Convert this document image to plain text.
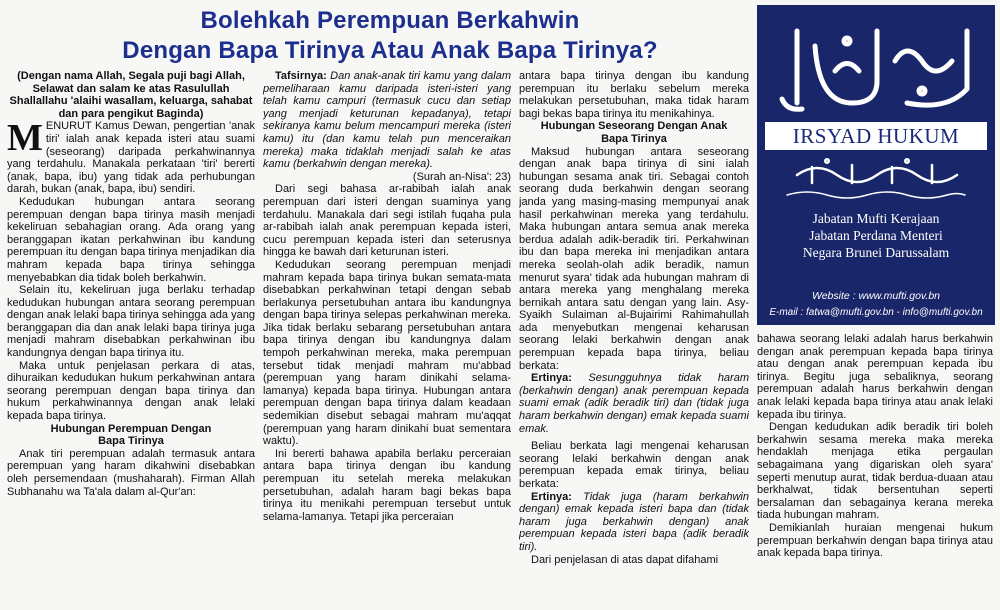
Bolehkah Perempuan Berkahwin
Dengan Bapa Tirinya Atau Anak Bapa Tirinya?

(Dengan nama Allah, Segala puji bagi Allah, Selawat dan salam ke atas Rasulullah Shallallahu 'alaihi wasallam, keluarga, sahabat dan para pengikut Baginda)

MENURUT Kamus Dewan, pengertian 'anak tiri' ialah anak kepada isteri atau suami (seseorang) daripada perkahwinannya yang terdahulu. Manakala perkataan 'tiri' bererti (anak, bapa, ibu) yang tidak ada perhubungan darah, bukan (anak, bapa, ibu) sendiri.

Kedudukan hubungan antara seorang perempuan dengan bapa tirinya masih menjadi kekeliruan sebahagian orang. Ada orang yang beranggapan ikatan perkahwinan ibu kandung perempuan itu dengan bapa tirinya menjadikan dia mahram kepada bapa tirinya sehingga menyebabkan dia tidak boleh berkahwin.

Selain itu, kekeliruan juga berlaku terhadap kedudukan hubungan antara seorang perempuan dengan anak lelaki bapa tirinya sehingga ada yang beranggapan dia dan anak lelaki bapa tirinya juga menjadi mahram disebabkan perkahwinan ibu kandungnya dengan bapa tirinya itu.

Maka untuk penjelasan perkara di atas, dihuraikan kedudukan hukum perkahwinan antara seorang perempuan dengan bapa tirinya dan hukum perkahwinannya dengan anak lelaki kepada bapa tirinya.

Hubungan Perempuan Dengan

Bapa Tirinya

Anak tiri perempuan adalah termasuk antara perempuan yang haram dikahwini disebabkan oleh persemendaan (mushaharah). Firman Allah Subhanahu wa Ta'ala dalam al-Qur'an:

Tafsirnya: Dan anak-anak tiri kamu yang dalam pemeliharaan kamu daripada isteri-isteri yang telah kamu campuri (termasuk cucu dan setiap yang menjadi keturunan kepadanya), tetapi sekiranya kamu belum mencampuri mereka (isteri kamu) itu (dan kamu telah pun menceraikan mereka) maka tidaklah menjadi salah ke atas kamu (berkahwin dengan mereka).

(Surah an-Nisa': 23)

Dari segi bahasa ar-rabibah ialah anak perempuan dari isteri dengan suaminya yang terdahulu. Manakala dari segi istilah fuqaha pula ar-rabibah ialah anak perempuan kepada isteri, cucu perempuan kepada isteri dan seterusnya hingga ke bawah dari keturunan isteri.

Kedudukan seorang perempuan menjadi mahram kepada bapa tirinya bukan semata-mata disebabkan perkahwinan tetapi dengan sebab berlakunya persetubuhan antara ibu kandungnya dengan bapa tirinya selepas perkahwinan mereka. Jika tidak berlaku sebarang persetubuhan antara bapa tirinya dengan ibu kandungnya dalam tempoh perkahwinan mereka, maka perempuan tersebut tidak menjadi mahram mu'abbad (perempuan yang haram dinikahi selama-lamanya) kepada bapa tirinya. Hubungan antara perempuan dengan bapa tirinya dalam keadaan sedemikian disebut sebagai mahram mu'aqqat (perempuan yang haram dinikahi buat sementara waktu).

Ini bererti bahawa apabila berlaku perceraian antara bapa tirinya dengan ibu kandung perempuan itu setelah mereka melakukan persetubuhan, adalah haram bagi bekas bapa tirinya itu menikahi perempuan tersebut untuk selama-lamanya. Tetapi jika perceraian

antara bapa tirinya dengan ibu kandung perempuan itu berlaku sebelum mereka melakukan persetubuhan, maka tidak haram bagi bekas bapa tirinya itu menikahinya.

Hubungan Seseorang Dengan Anak

Bapa Tirinya

Maksud hubungan antara seseorang dengan anak bapa tirinya di sini ialah hubungan sesama anak tiri. Sebagai contoh seorang duda berkahwin dengan seorang janda yang masing-masing mempunyai anak hasil perkahwinan mereka yang terdahulu. Maka hubungan antara semua anak mereka berdua adalah adik-beradik tiri. Perkahwinan ibu dan bapa mereka ini menjadikan antara mereka seolah-olah adik beradik, namun menurut syara' tidak ada hubungan mahram di antara mereka yang menghalang mereka bernikah antara satu dengan yang lain. Asy-Syaikh Sulaiman al-Bujairimi Rahimahullah ada menyebutkan mengenai keharusan seorang lelaki berkahwin dengan anak perempuan kepada bapa tirinya, beliau berkata:

Ertinya: Sesungguhnya tidak haram (berkahwin dengan) anak perempuan kepada suami emak (adik beradik tiri) dan (tidak juga haram berkahwin dengan) emak kepada suami emak.

Beliau berkata lagi mengenai keharusan seorang lelaki berkahwin dengan anak perempuan kepada emak tirinya, beliau berkata:

Ertinya: Tidak juga (haram berkahwin dengan) emak kepada isteri bapa dan (tidak haram juga berkahwin dengan) anak perempuan kepada isteri bapa (adik beradik tiri).

Dari penjelasan di atas dapat difahami

bahawa seorang lelaki adalah harus berkahwin dengan anak perempuan kepada bapa tirinya atau dengan anak perempuan kepada ibu tirinya. Begitu juga sebaliknya, seorang perempuan adalah harus berkahwin dengan anak lelaki kepada bapa tirinya atau anak lelaki kepada ibu tirinya.

Dengan kedudukan adik beradik tiri boleh berkahwin sesama mereka maka mereka hendaklah menjaga etika pergaulan sebagaimana yang digariskan oleh syara' seperti menutup aurat, tidak berdua-duaan atau berkhalwat, tidak bersentuhan seperti bersalaman dan sebagainya kerana mereka tiada hubungan mahram.

Demikianlah huraian mengenai hukum perempuan berkahwin dengan bapa tirinya atau anak kepada bapa tirinya.

IRSYAD HUKUM
Jabatan Mufti Kerajaan
Jabatan Perdana Menteri
Negara Brunei Darussalam
Website : www.mufti.gov.bn
E-mail : fatwa@mufti.gov.bn - info@mufti.gov.bn
